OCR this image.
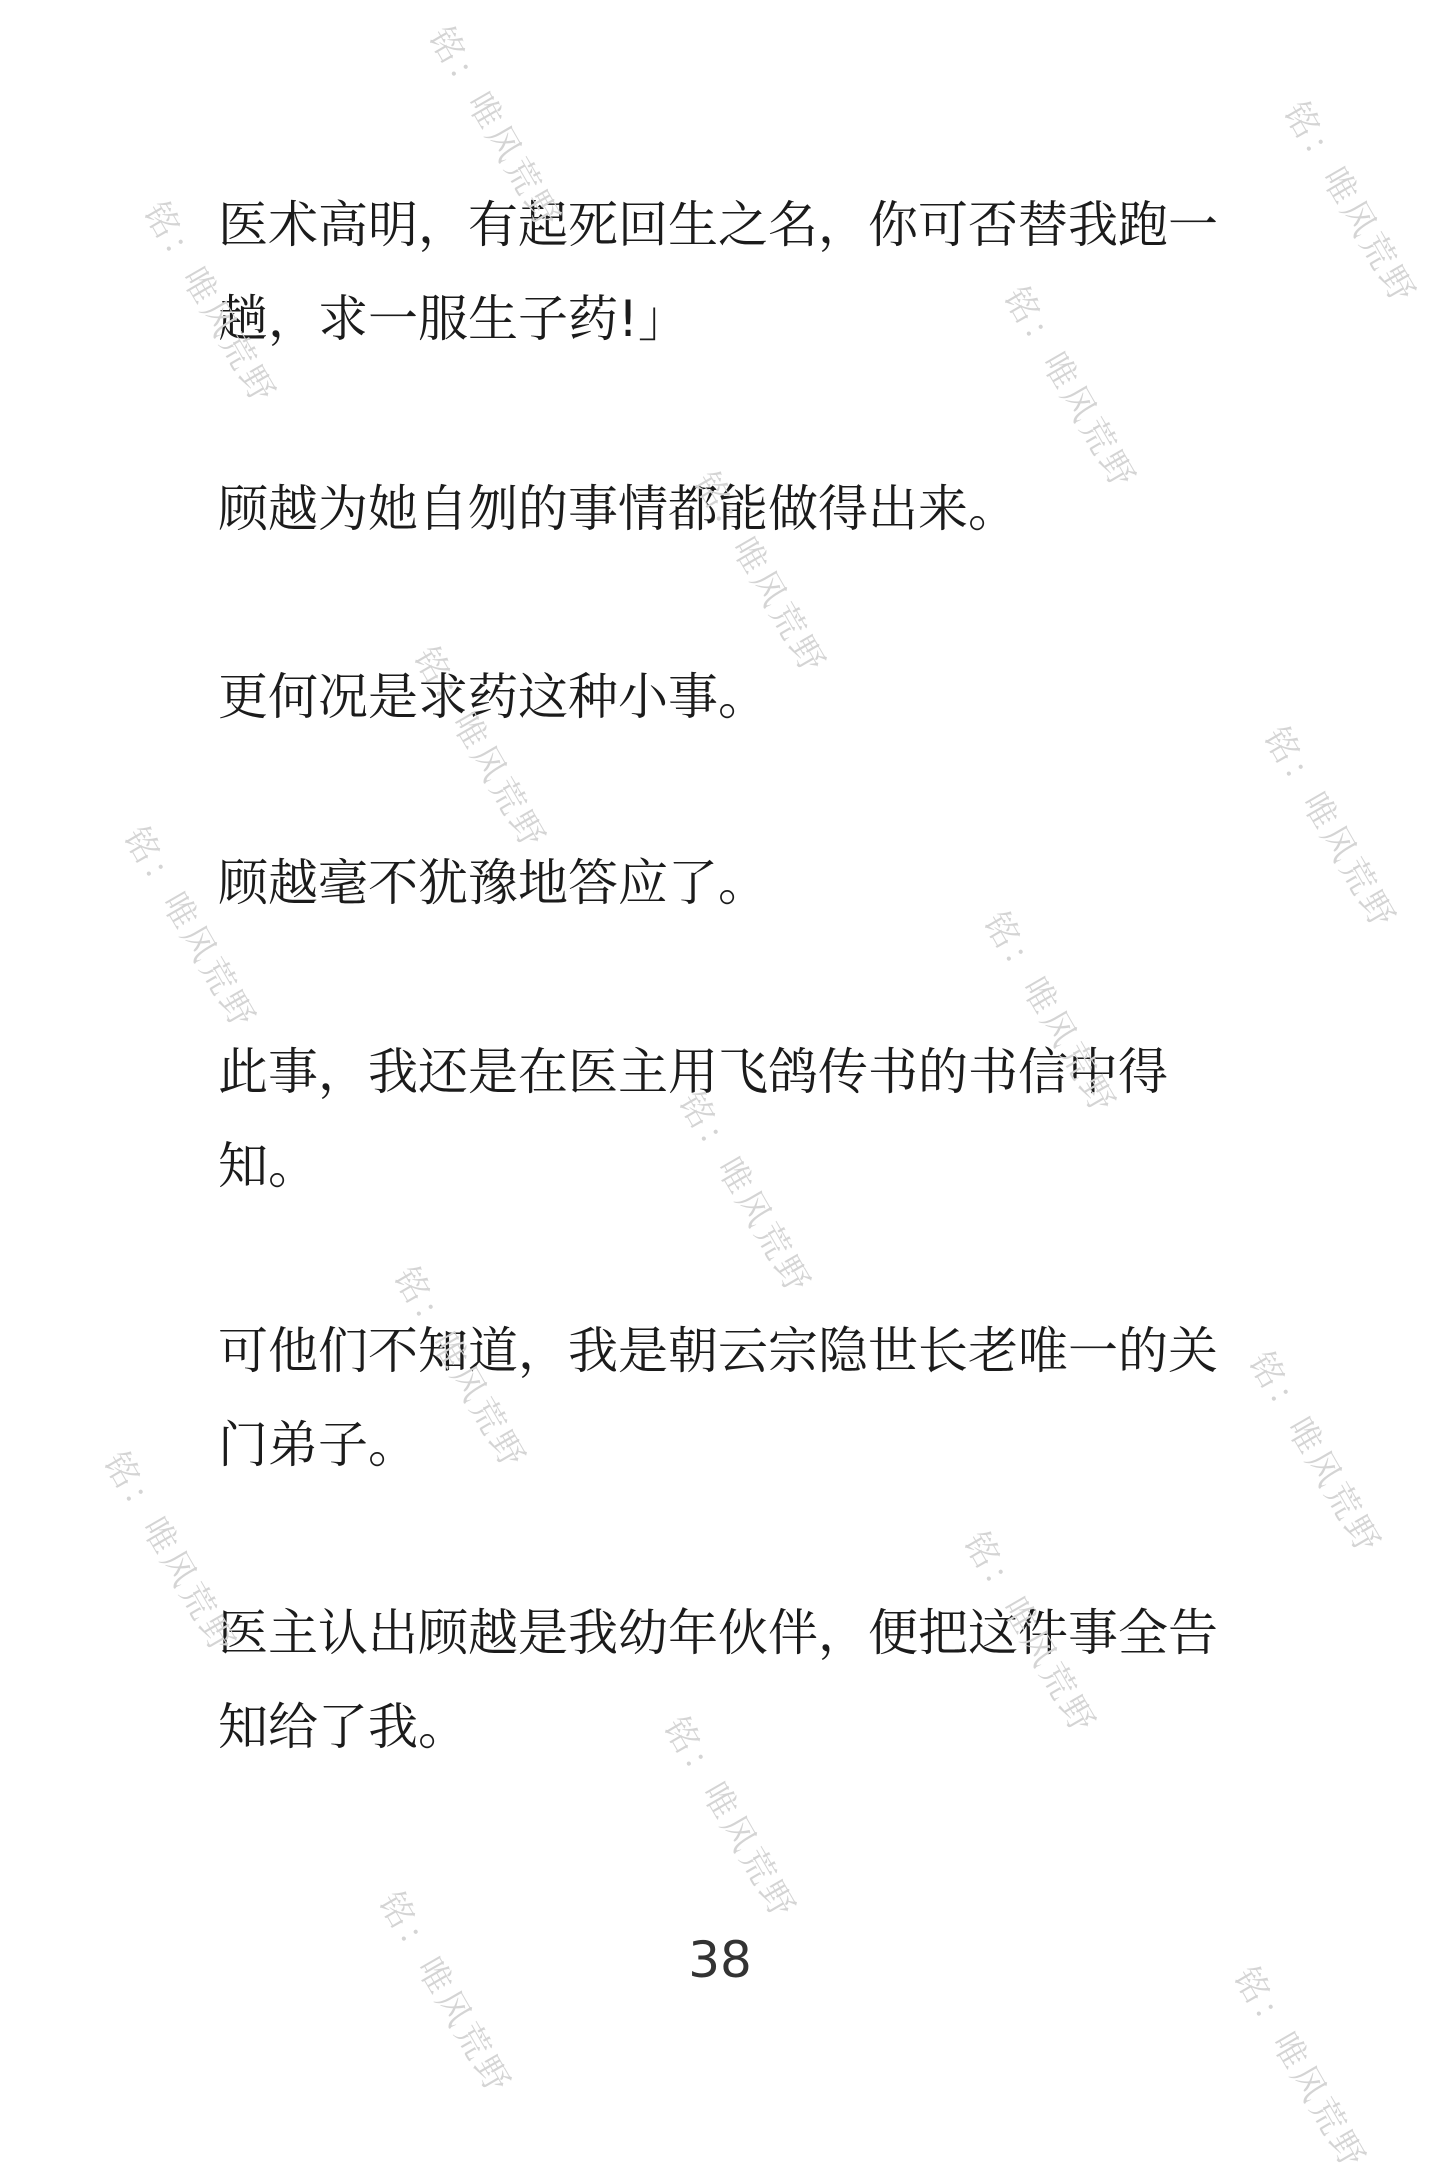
医术高明，有起死回生之名，你可否替我跑一趟，求一服生子药!」

顾越为她自刎的事情都能做得出来。

更何况是求药这种小事。

顾越毫不犹豫地答应了。

此事，我还是在医主用飞鸽传书的书信中得知。

可他们不知道，我是朝云宗隐世长老唯一的关门弟子。

医主认出顾越是我幼年伙伴，便把这件事全告知给了我。

38
铭：唯风荒野	铭：唯风荒野
铭：唯风荒野	铭：唯风荒野
铭：唯风荒野
铭：唯风荒野	铭：唯风荒野
铭：唯风荒野	铭：唯风荒野
铭：唯风荒野
铭：唯风荒野	铭：唯风荒野
铭：唯风荒野	铭：唯风荒野
铭：唯风荒野
铭：唯风荒野	铭：唯风荒野
